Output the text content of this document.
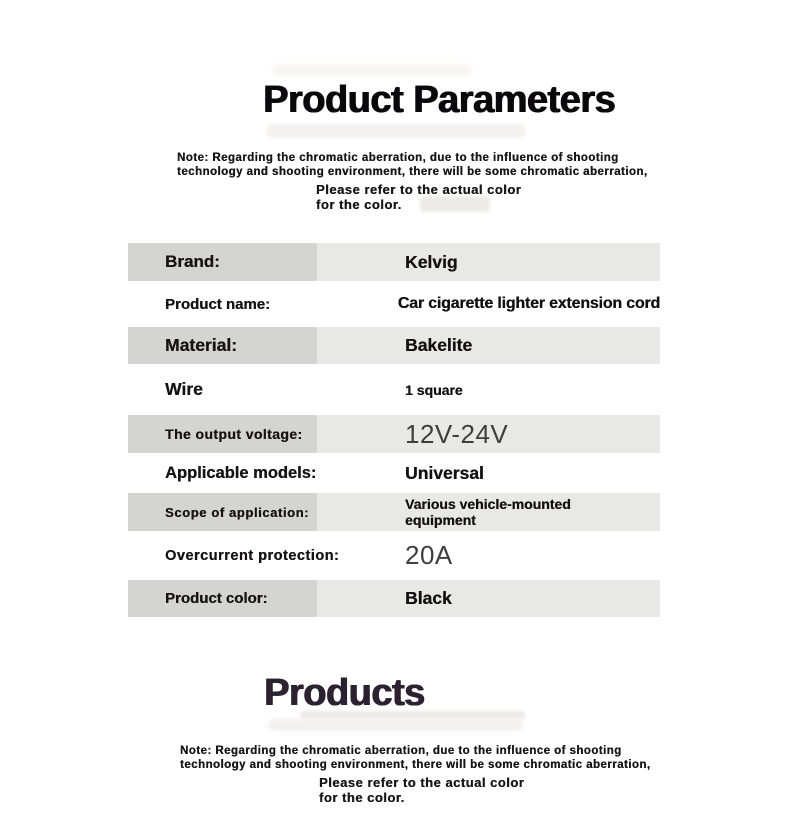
Product Parameters
Note: Regarding the chromatic aberration, due to the influence of shooting
technology and shooting environment, there will be some chromatic aberration,
Please refer to the actual color
for the color.
Brand:	Kelvig
Product name:	Car cigarette lighter extension cord
Material:	Bakelite
Wire	1 square
The output voltage:	12V-24V
Applicable models:	Universal
Scope of application:	Various vehicle-mounted equipment
Overcurrent protection:	20A
Product color:	Black
Products
Note: Regarding the chromatic aberration, due to the influence of shooting
technology and shooting environment, there will be some chromatic aberration,
Please refer to the actual color
for the color.
